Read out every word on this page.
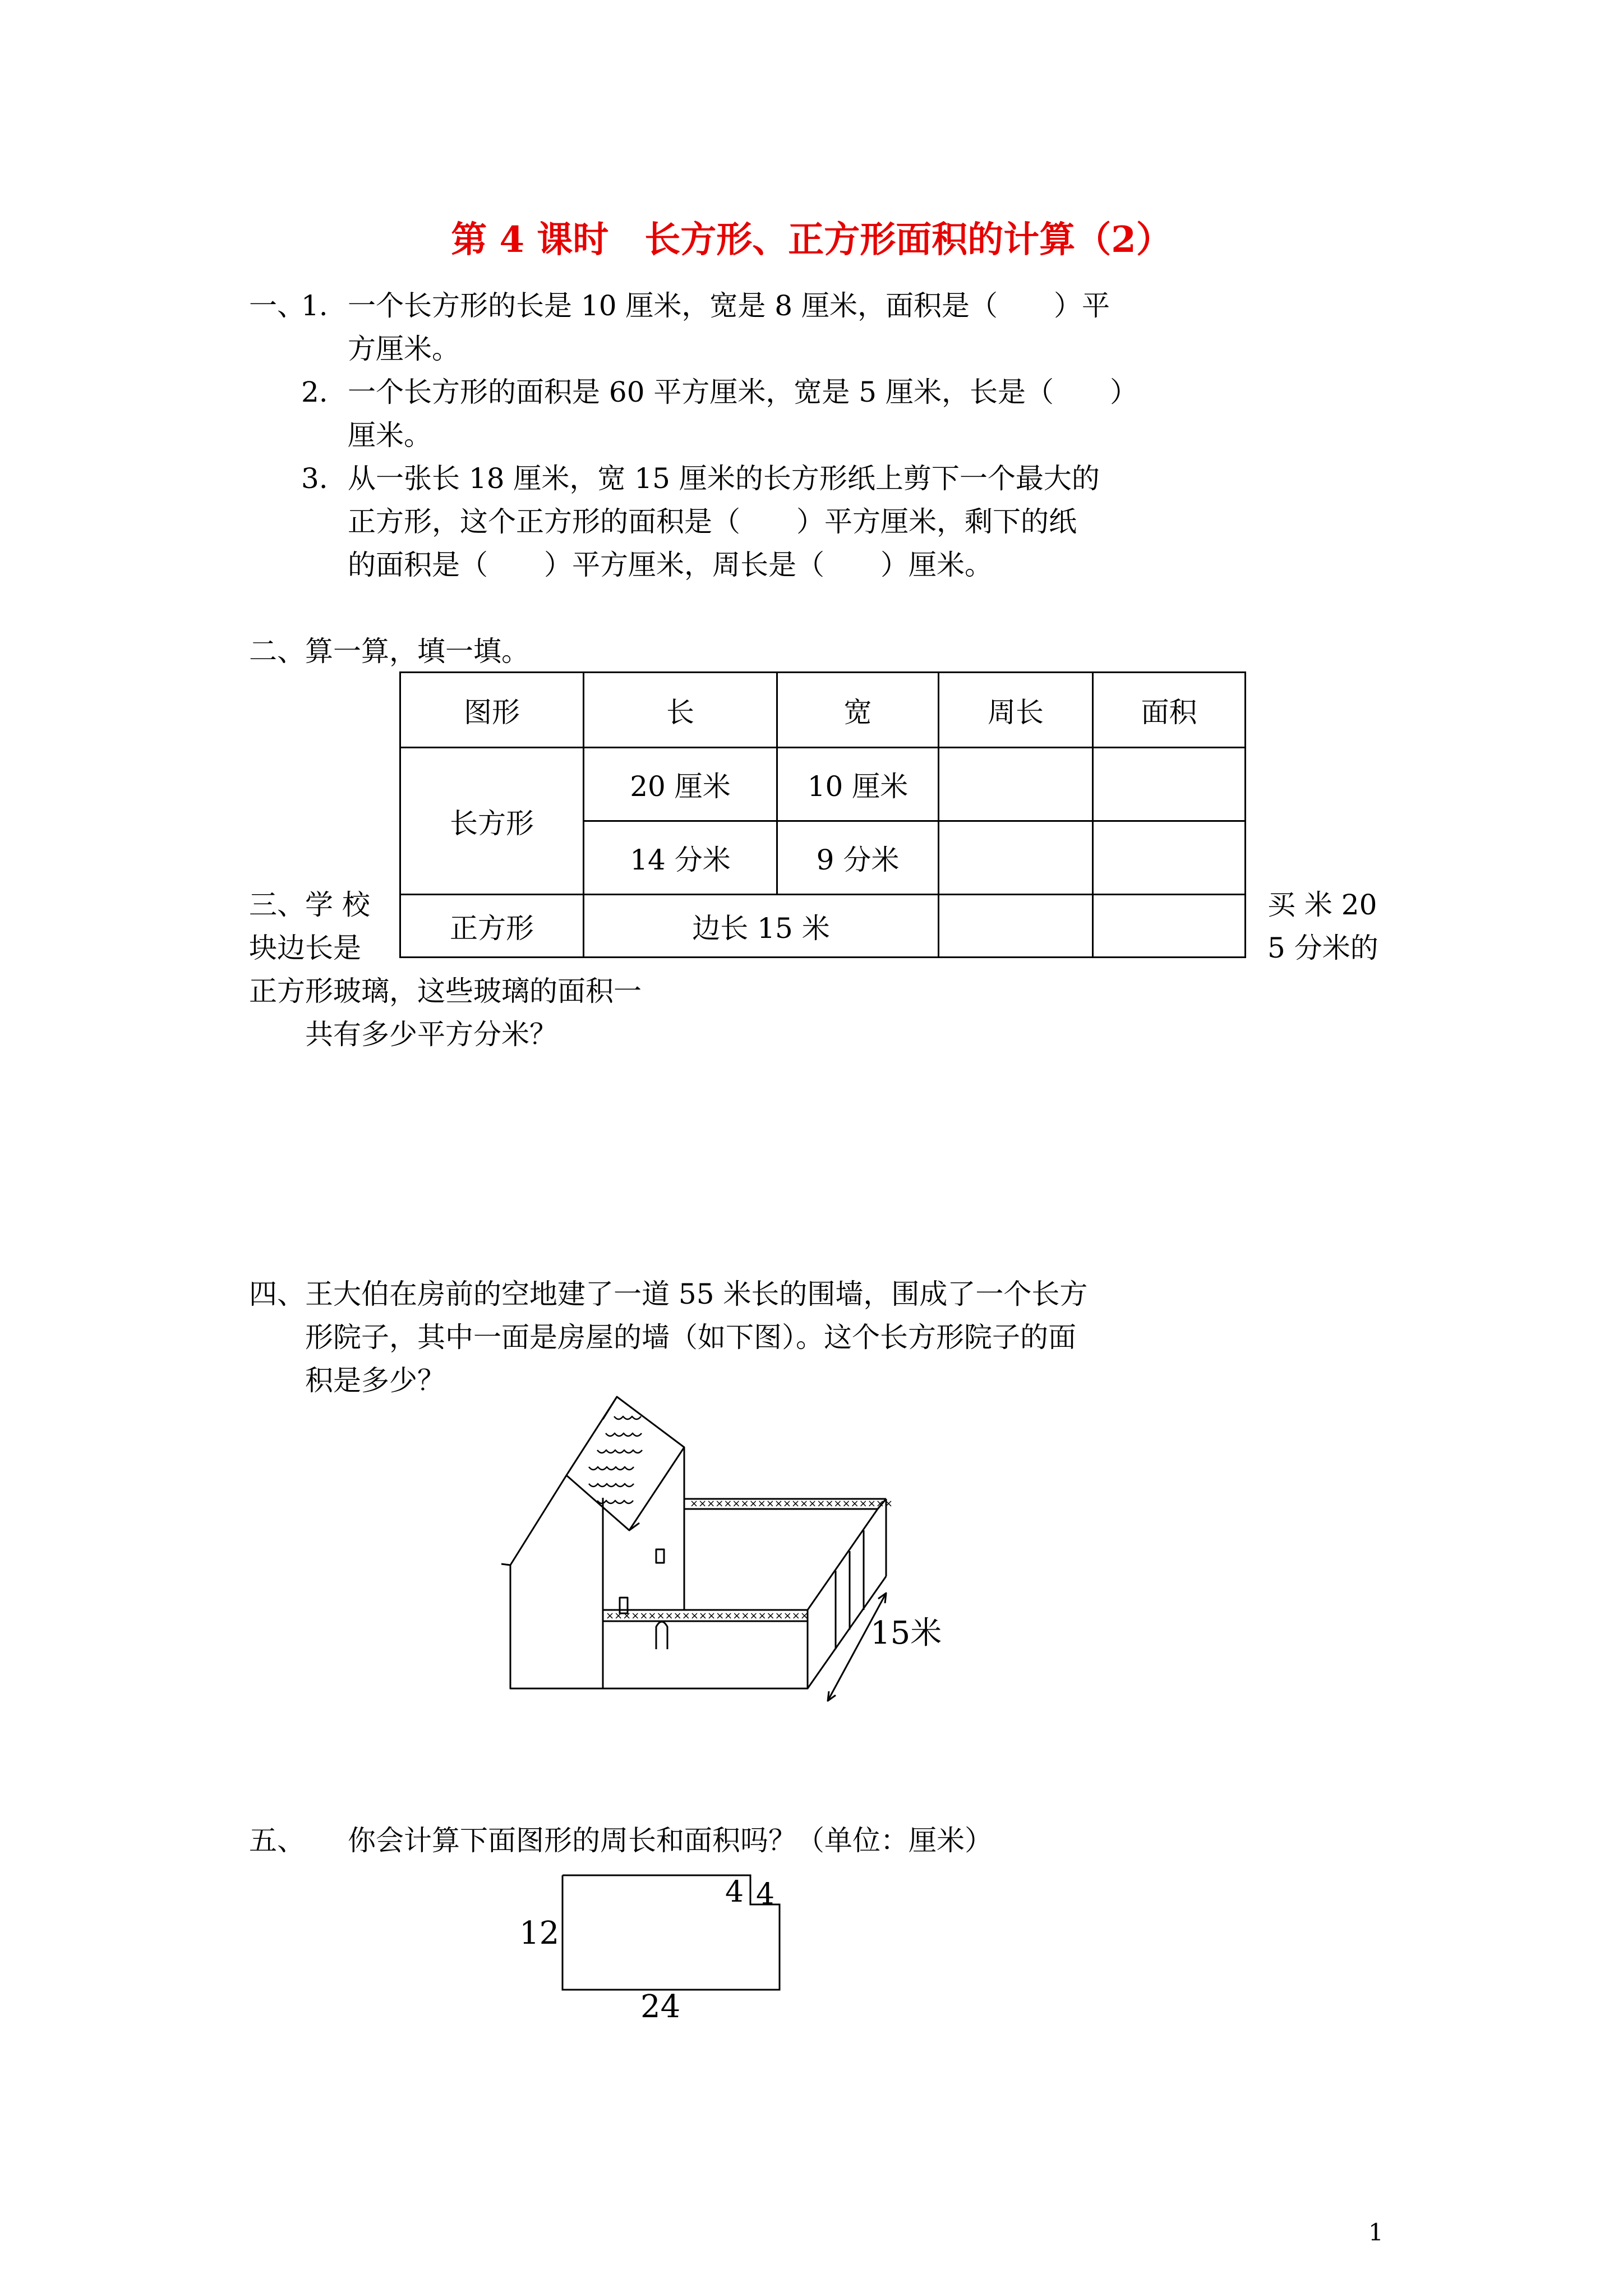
第 4 课时　长方形、正方形面积的计算（2）
一、
1. 一个长方形的长是 10 厘米，宽是 8 厘米，面积是（　　）平
方厘米。
2. 一个长方形的面积是 60 平方厘米，宽是 5 厘米，长是（　　）
厘米。
3. 从一张长 18 厘米，宽 15 厘米的长方形纸上剪下一个最大的
正方形，这个正方形的面积是（　　）平方厘米，剩下的纸
的面积是（　　）平方厘米，周长是（　　）厘米。
二、算一算，填一填。
三、学 校	买 米 20
块边长是	5 分米的
正方形玻璃，这些玻璃的面积一
共有多少平方分米？
图形	长	宽	周长	面积
长方形	20 厘米	10 厘米		
	14 分米	9 分米		
正方形	边长 15 米			
四、王大伯在房前的空地建了一道 55 米长的围墙，围成了一个长方
形院子，其中一面是房屋的墙（如下图）。这个长方形院子的面
积是多少？
××××××××××××××××××××××××
×××××××××××××××××××××××× 15米
五、 你会计算下面图形的周长和面积吗？（单位：厘米）
12
24
4 4
1
